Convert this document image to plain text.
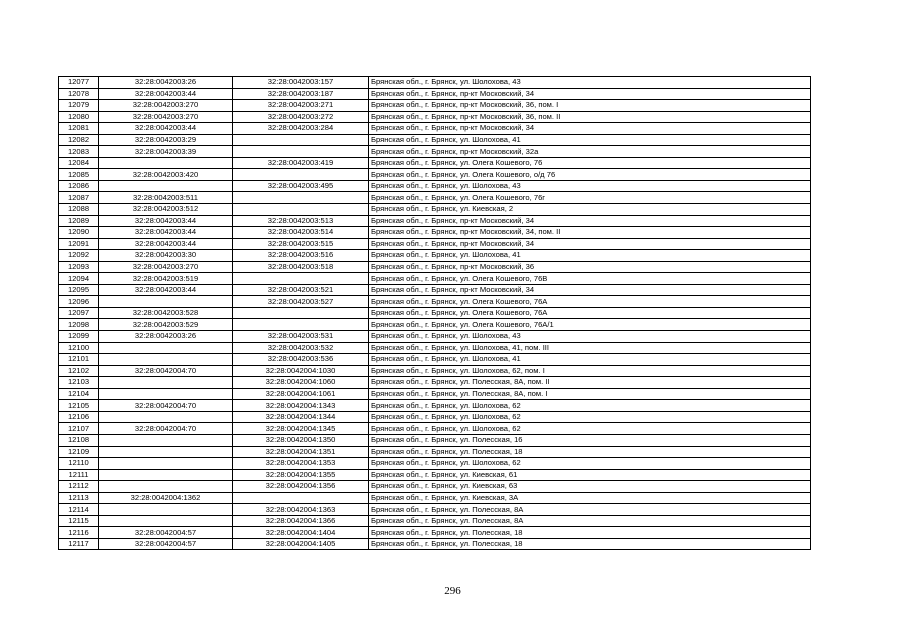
12077	32:28:0042003:26	32:28:0042003:157	Брянская обл., г. Брянск, ул. Шолохова, 43
12078	32:28:0042003:44	32:28:0042003:187	Брянская обл., г. Брянск, пр-кт Московский, 34
12079	32:28:0042003:270	32:28:0042003:271	Брянская обл., г. Брянск, пр-кт Московский, 36, пом. I
12080	32:28:0042003:270	32:28:0042003:272	Брянская обл., г. Брянск, пр-кт Московский, 36, пом. II
12081	32:28:0042003:44	32:28:0042003:284	Брянская обл., г. Брянск, пр-кт Московский, 34
12082	32:28:0042003:29		Брянская обл., г. Брянск, ул. Шолохова, 41
12083	32:28:0042003:39		Брянская обл., г. Брянск, пр-кт Московский, 32а
12084		32:28:0042003:419	Брянская обл., г. Брянск, ул. Олега Кошевого, 76
12085	32:28:0042003:420		Брянская обл., г. Брянск, ул. Олега Кошевого, о/д 76
12086		32:28:0042003:495	Брянская обл., г. Брянск, ул. Шолохова, 43
12087	32:28:0042003:511		Брянская обл., г. Брянск, ул. Олега Кошевого, 76г
12088	32:28:0042003:512		Брянская обл., г. Брянск, ул. Киевская, 2
12089	32:28:0042003:44	32:28:0042003:513	Брянская обл., г. Брянск, пр-кт Московский, 34
12090	32:28:0042003:44	32:28:0042003:514	Брянская обл., г. Брянск, пр-кт Московский, 34, пом. II
12091	32:28:0042003:44	32:28:0042003:515	Брянская обл., г. Брянск, пр-кт Московский, 34
12092	32:28:0042003:30	32:28:0042003:516	Брянская обл., г. Брянск, ул. Шолохова, 41
12093	32:28:0042003:270	32:28:0042003:518	Брянская обл., г. Брянск, пр-кт Московский, 36
12094	32:28:0042003:519		Брянская обл., г. Брянск, ул. Олега Кошевого, 76В
12095	32:28:0042003:44	32:28:0042003:521	Брянская обл., г. Брянск, пр-кт Московский, 34
12096		32:28:0042003:527	Брянская обл., г. Брянск, ул. Олега Кошевого, 76А
12097	32:28:0042003:528		Брянская обл., г. Брянск, ул. Олега Кошевого, 76А
12098	32:28:0042003:529		Брянская обл., г. Брянск, ул. Олега Кошевого, 76А/1
12099	32:28:0042003:26	32:28:0042003:531	Брянская обл., г. Брянск, ул. Шолохова, 43
12100		32:28:0042003:532	Брянская обл., г. Брянск, ул. Шолохова, 41, пом. III
12101		32:28:0042003:536	Брянская обл., г. Брянск, ул. Шолохова, 41
12102	32:28:0042004:70	32:28:0042004:1030	Брянская обл., г. Брянск, ул. Шолохова, 62, пом. I
12103		32:28:0042004:1060	Брянская обл., г. Брянск, ул. Полесская, 8А, пом. II
12104		32:28:0042004:1061	Брянская обл., г. Брянск, ул. Полесская, 8А, пом. I
12105	32:28:0042004:70	32:28:0042004:1343	Брянская обл., г. Брянск, ул. Шолохова, 62
12106		32:28:0042004:1344	Брянская обл., г. Брянск, ул. Шолохова, 62
12107	32:28:0042004:70	32:28:0042004:1345	Брянская обл., г. Брянск, ул. Шолохова, 62
12108		32:28:0042004:1350	Брянская обл., г. Брянск, ул. Полесская, 16
12109		32:28:0042004:1351	Брянская обл., г. Брянск, ул. Полесская, 18
12110		32:28:0042004:1353	Брянская обл., г. Брянск, ул. Шолохова, 62
12111		32:28:0042004:1355	Брянская обл., г. Брянск, ул. Киевская, 61
12112		32:28:0042004:1356	Брянская обл., г. Брянск, ул. Киевская, 63
12113	32:28:0042004:1362		Брянская обл., г. Брянск, ул. Киевская, 3А
12114		32:28:0042004:1363	Брянская обл., г. Брянск, ул. Полесская, 8А
12115		32:28:0042004:1366	Брянская обл., г. Брянск, ул. Полесская, 8А
12116	32:28:0042004:57	32:28:0042004:1404	Брянская обл., г. Брянск, ул. Полесская, 18
12117	32:28:0042004:57	32:28:0042004:1405	Брянская обл., г. Брянск, ул. Полесская, 18
296
